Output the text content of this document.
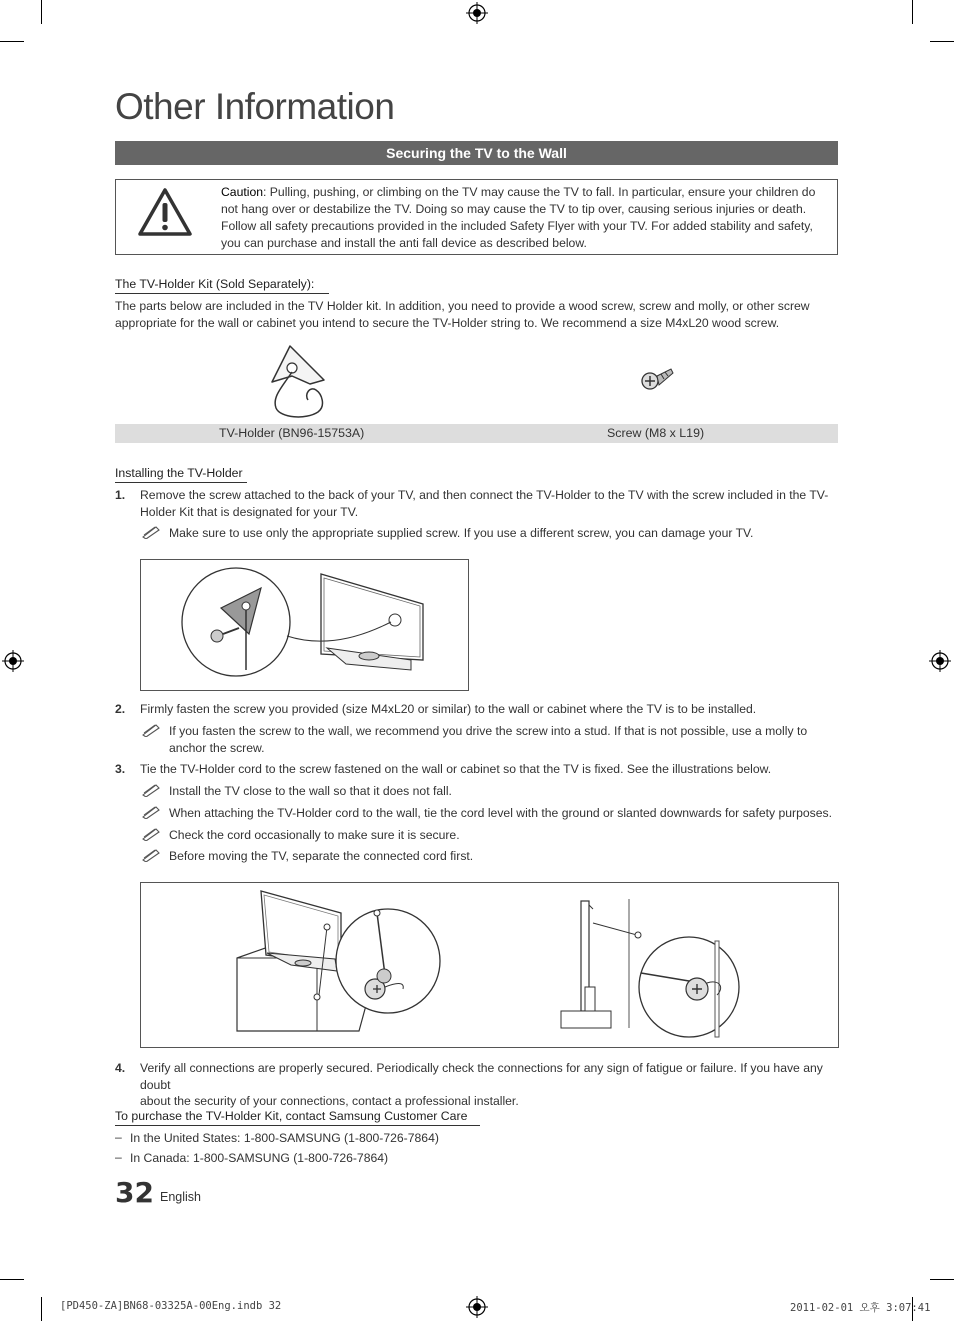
Other Information
Securing the TV to the Wall
Caution: Pulling, pushing, or climbing on the TV may cause the TV to fall. In particular, ensure your children do not hang over or destabilize the TV. Doing so may cause the TV to tip over, causing serious injuries or death. Follow all safety precautions provided in the included Safety Flyer with your TV. For added stability and safety, you can purchase and install the anti fall device as described below.
The TV-Holder Kit (Sold Separately):
The parts below are included in the TV Holder kit. In addition, you need to provide a wood screw, screw and molly, or other screw appropriate for the wall or cabinet you intend to secure the TV-Holder string to. We recommend a size M4xL20 wood screw.
TV-Holder (BN96-15753A)	Screw (M8 x L19)
Installing the TV-Holder
1. Remove the screw attached to the back of your TV, and then connect the TV-Holder to the TV with the screw included in the TV-
Holder Kit that is designated for your TV.
Make sure to use only the appropriate supplied screw. If you use a different screw, you can damage your TV.
2. Firmly fasten the screw you provided (size M4xL20 or similar) to the wall or cabinet where the TV is to be installed.
If you fasten the screw to the wall, we recommend you drive the screw into a stud. If that is not possible, use a molly to
anchor the screw.
3. Tie the TV-Holder cord to the screw fastened on the wall or cabinet so that the TV is fixed. See the illustrations below.
Install the TV close to the wall so that it does not fall.
When attaching the TV-Holder cord to the wall, tie the cord level with the ground or slanted downwards for safety purposes.
Check the cord occasionally to make sure it is secure.
Before moving the TV, separate the connected cord first.
4. Verify all connections are properly secured. Periodically check the connections for any sign of fatigue or failure. If you have any doubt
about the security of your connections, contact a professional installer.
To purchase the TV-Holder Kit, contact Samsung Customer Care
– In the United States: 1-800-SAMSUNG (1-800-726-7864)
– In Canada: 1-800-SAMSUNG (1-800-726-7864)
32 English
[PD450-ZA]BN68-03325A-00Eng.indb 32	2011-02-01 오후 3:07:41
